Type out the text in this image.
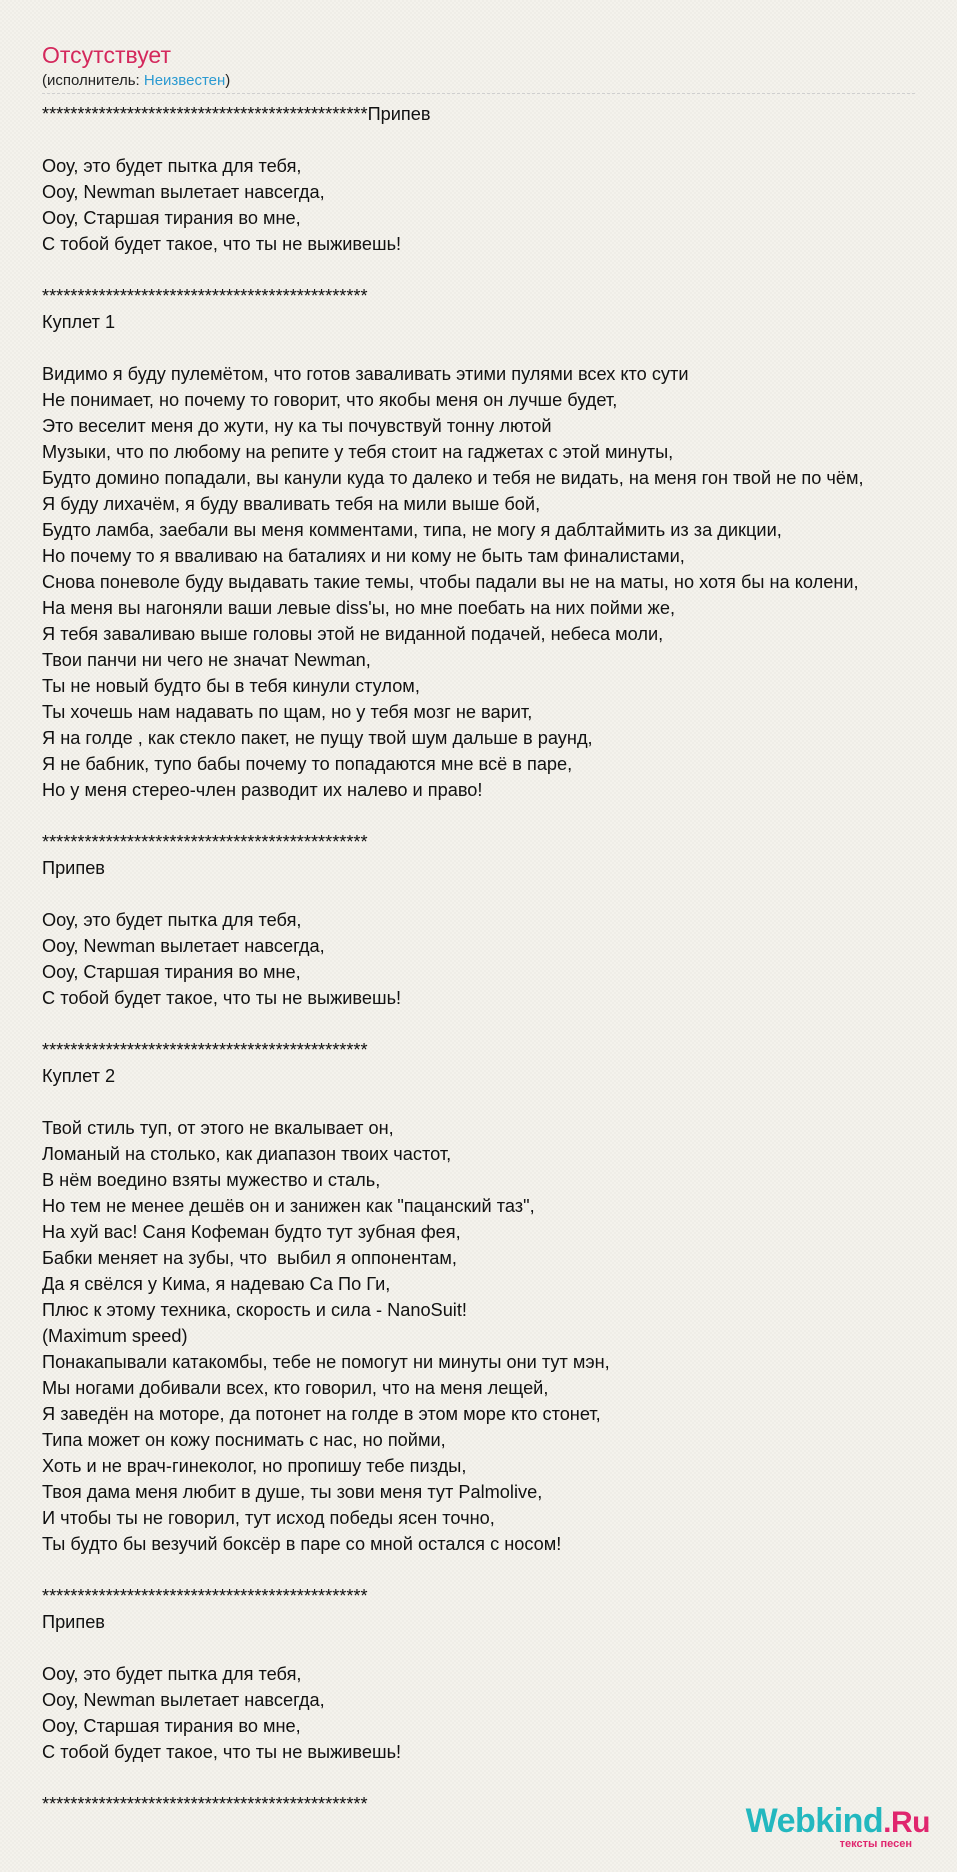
Отсутствует
(исполнитель: Неизвестен)
**********************************************Припев

Ооу, это будет пытка для тебя,
Ооу, Newman вылетает навсегда,
Ооу, Старшая тирания во мне,
С тобой будет такое, что ты не выживешь!

**********************************************
Куплет 1

Видимо я буду пулемётом, что готов заваливать этими пулями всех кто сути
Не понимает, но почему то говорит, что якобы меня он лучше будет,
Это веселит меня до жути, ну ка ты почувствуй тонну лютой
Музыки, что по любому на репите у тебя стоит на гаджетах с этой минуты,
Будто домино попадали, вы канули куда то далеко и тебя не видать, на меня гон твой не по чём,
Я буду лихачём, я буду вваливать тебя на мили выше бой,
Будто ламба, заебали вы меня комментами, типа, не могу я даблтаймить из за дикции,
Но почему то я вваливаю на баталиях и ни кому не быть там финалистами,
Снова поневоле буду выдавать такие темы, чтобы падали вы не на маты, но хотя бы на колени,
На меня вы нагоняли ваши левые diss'ы, но мне поебать на них пойми же,
Я тебя заваливаю выше головы этой не виданной подачей, небеса моли,
Твои панчи ни чего не значат Newman,
Ты не новый будто бы в тебя кинули стулом,
Ты хочешь нам надавать по щам, но у тебя мозг не варит,
Я на голде , как стекло пакет, не пущу твой шум дальше в раунд,
Я не бабник, тупо бабы почему то попадаются мне всё в паре,
Но у меня стерео-член разводит их налево и право!

**********************************************
Припев

Ооу, это будет пытка для тебя,
Ооу, Newman вылетает навсегда,
Ооу, Старшая тирания во мне,
С тобой будет такое, что ты не выживешь!

**********************************************
Куплет 2

Твой стиль туп, от этого не вкалывает он,
Ломаный на столько, как диапазон твоих частот,
В нём воедино взяты мужество и сталь,
Но тем не менее дешёв он и занижен как "пацанский таз",
На хуй вас! Саня Кофеман будто тут зубная фея,
Бабки меняет на зубы, что  выбил я оппонентам,
Да я свёлся у Кима, я надеваю Са По Ги,
Плюс к этому техника, скорость и сила - NanoSuit!
(Maximum speed)
Понакапывали катакомбы, тебе не помогут ни минуты они тут мэн,
Мы ногами добивали всех, кто говорил, что на меня лещей,
Я заведён на моторе, да потонет на голде в этом море кто стонет,
Типа может он кожу поснимать с нас, но пойми,
Хоть и не врач-гинеколог, но пропишу тебе пизды,
Твоя дама меня любит в душе, ты зови меня тут Palmolive,
И чтобы ты не говорил, тут исход победы ясен точно,
Ты будто бы везучий боксёр в паре со мной остался с носом!

**********************************************
Припев

Ооу, это будет пытка для тебя,
Ооу, Newman вылетает навсегда,
Ооу, Старшая тирания во мне,
С тобой будет такое, что ты не выживешь!

**********************************************	Webkind.Ru
тексты песен
